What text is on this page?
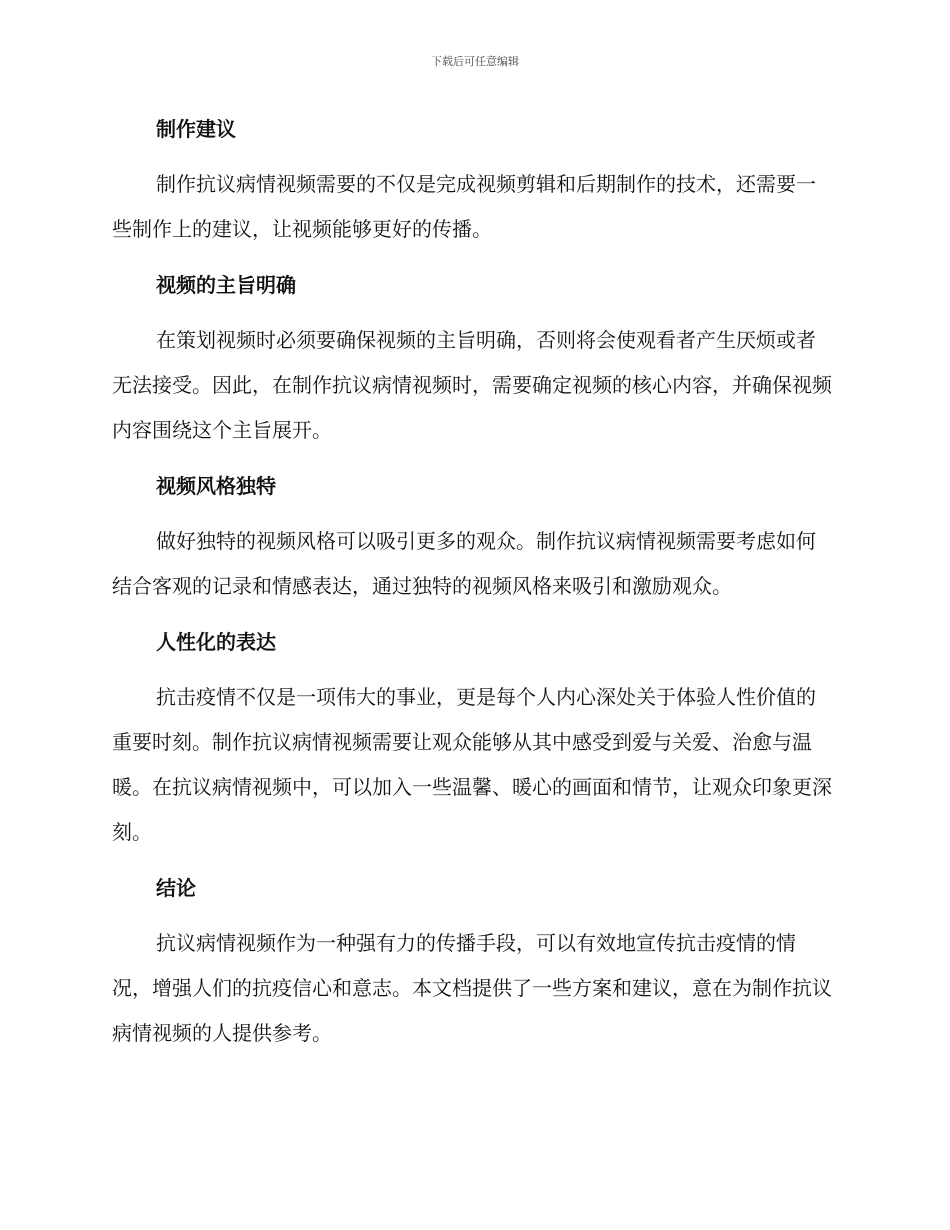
下载后可任意编辑
制作建议

制作抗议病情视频需要的不仅是完成视频剪辑和后期制作的技术，还需要一些制作上的建议，让视频能够更好的传播。

视频的主旨明确

在策划视频时必须要确保视频的主旨明确，否则将会使观看者产生厌烦或者无法接受。因此，在制作抗议病情视频时，需要确定视频的核心内容，并确保视频内容围绕这个主旨展开。

视频风格独特

做好独特的视频风格可以吸引更多的观众。制作抗议病情视频需要考虑如何结合客观的记录和情感表达，通过独特的视频风格来吸引和激励观众。

人性化的表达

抗击疫情不仅是一项伟大的事业，更是每个人内心深处关于体验人性价值的重要时刻。制作抗议病情视频需要让观众能够从其中感受到爱与关爱、治愈与温暖。在抗议病情视频中，可以加入一些温馨、暖心的画面和情节，让观众印象更深刻。

结论

抗议病情视频作为一种强有力的传播手段，可以有效地宣传抗击疫情的情况，增强人们的抗疫信心和意志。本文档提供了一些方案和建议，意在为制作抗议病情视频的人提供参考。
